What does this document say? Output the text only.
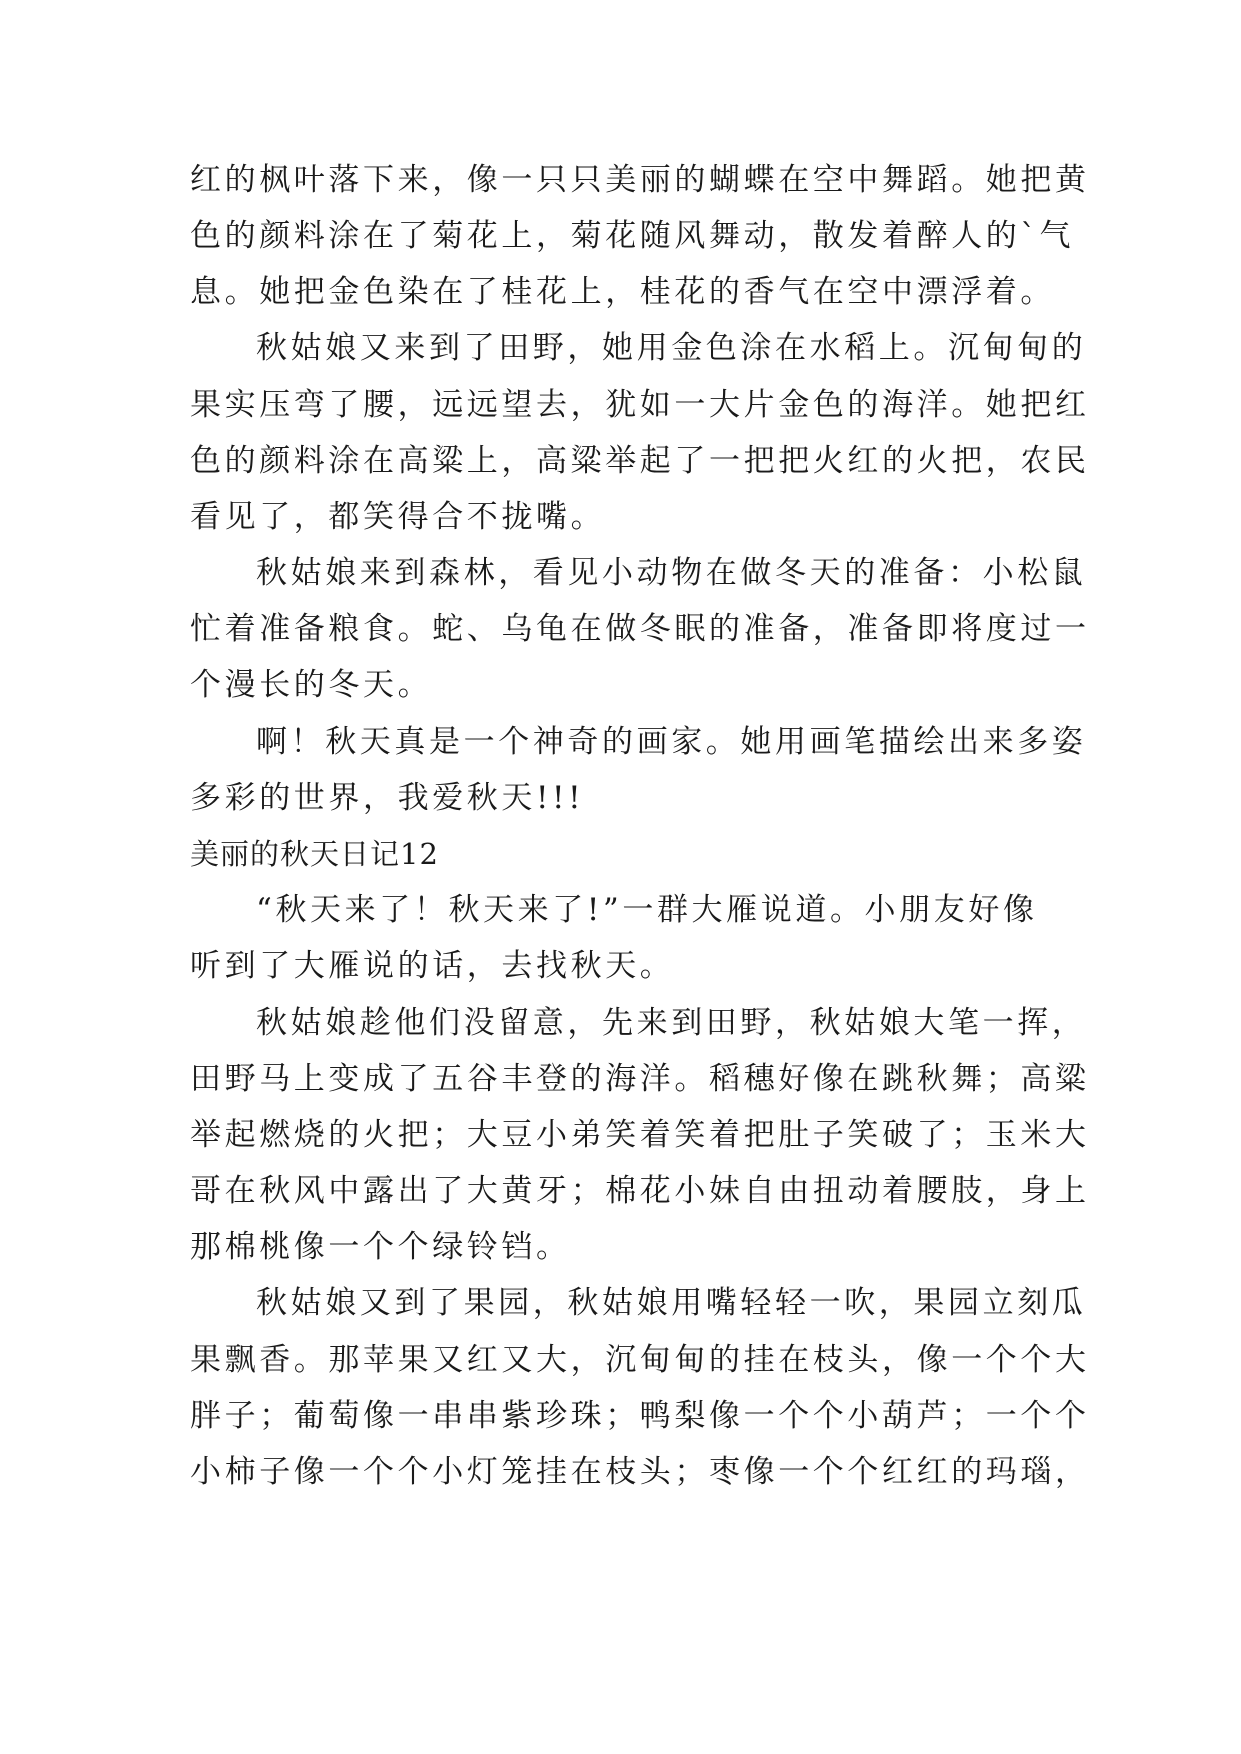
红的枫叶落下来，像一只只美丽的蝴蝶在空中舞蹈。她把黄
色的颜料涂在了菊花上，菊花随风舞动，散发着醉人的`气
息。她把金色染在了桂花上，桂花的香气在空中漂浮着。
秋姑娘又来到了田野，她用金色涂在水稻上。沉甸甸的
果实压弯了腰，远远望去，犹如一大片金色的海洋。她把红
色的颜料涂在高粱上，高粱举起了一把把火红的火把，农民
看见了，都笑得合不拢嘴。
秋姑娘来到森林，看见小动物在做冬天的准备：小松鼠
忙着准备粮食。蛇、乌龟在做冬眠的准备，准备即将度过一
个漫长的冬天。
啊！秋天真是一个神奇的画家。她用画笔描绘出来多姿
多彩的世界，我爱秋天!!!
美丽的秋天日记12
“秋天来了！秋天来了!”一群大雁说道。小朋友好像
听到了大雁说的话，去找秋天。
秋姑娘趁他们没留意，先来到田野，秋姑娘大笔一挥，
田野马上变成了五谷丰登的海洋。稻穗好像在跳秋舞；高粱
举起燃烧的火把；大豆小弟笑着笑着把肚子笑破了；玉米大
哥在秋风中露出了大黄牙；棉花小妹自由扭动着腰肢，身上
那棉桃像一个个绿铃铛。
秋姑娘又到了果园，秋姑娘用嘴轻轻一吹，果园立刻瓜
果飘香。那苹果又红又大，沉甸甸的挂在枝头，像一个个大
胖子；葡萄像一串串紫珍珠；鸭梨像一个个小葫芦；一个个
小柿子像一个个小灯笼挂在枝头；枣像一个个红红的玛瑙，
